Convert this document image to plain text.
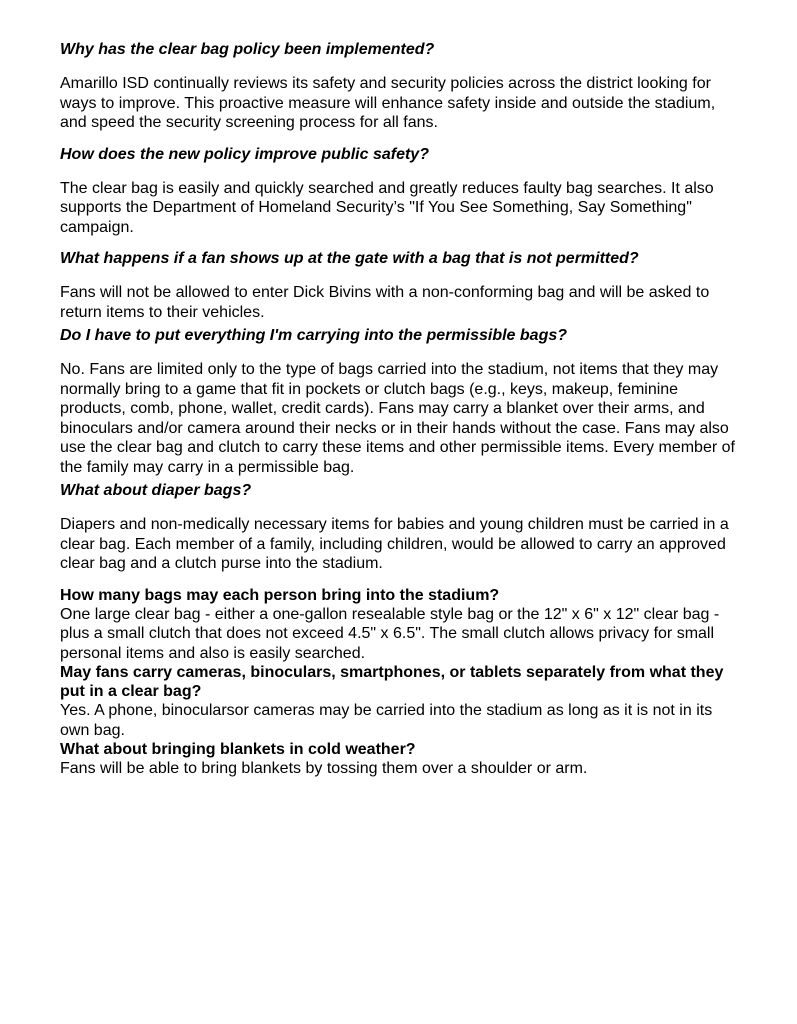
Why has the clear bag policy been implemented?

Amarillo ISD continually reviews its safety and security policies across the district looking for ways to improve. This proactive measure will enhance safety inside and outside the stadium, and speed the security screening process for all fans.

How does the new policy improve public safety?

The clear bag is easily and quickly searched and greatly reduces faulty bag searches. It also supports the Department of Homeland Security’s "If You See Something, Say Something" campaign.

What happens if a fan shows up at the gate with a bag that is not permitted?

Fans will not be allowed to enter Dick Bivins with a non-conforming bag and will be asked to return items to their vehicles.

Do I have to put everything I'm carrying into the permissible bags?

No. Fans are limited only to the type of bags carried into the stadium, not items that they may normally bring to a game that fit in pockets or clutch bags (e.g., keys, makeup, feminine products, comb, phone, wallet, credit cards). Fans may carry a blanket over their arms, and binoculars and/or camera around their necks or in their hands without the case. Fans may also use the clear bag and clutch to carry these items and other permissible items. Every member of the family may carry in a permissible bag.

What about diaper bags?

Diapers and non-medically necessary items for babies and young children must be carried in a clear bag. Each member of a family, including children, would be allowed to carry an approved clear bag and a clutch purse into the stadium.

How many bags may each person bring into the stadium?

One large clear bag - either a one-gallon resealable style bag or the 12" x 6" x 12" clear bag - plus a small clutch that does not exceed 4.5" x 6.5". The small clutch allows privacy for small personal items and also is easily searched.

May fans carry cameras, binoculars, smartphones, or tablets separately from what they put in a clear bag?

Yes. A phone, binocularsor cameras may be carried into the stadium as long as it is not in its own bag.

What about bringing blankets in cold weather?

Fans will be able to bring blankets by tossing them over a shoulder or arm.
